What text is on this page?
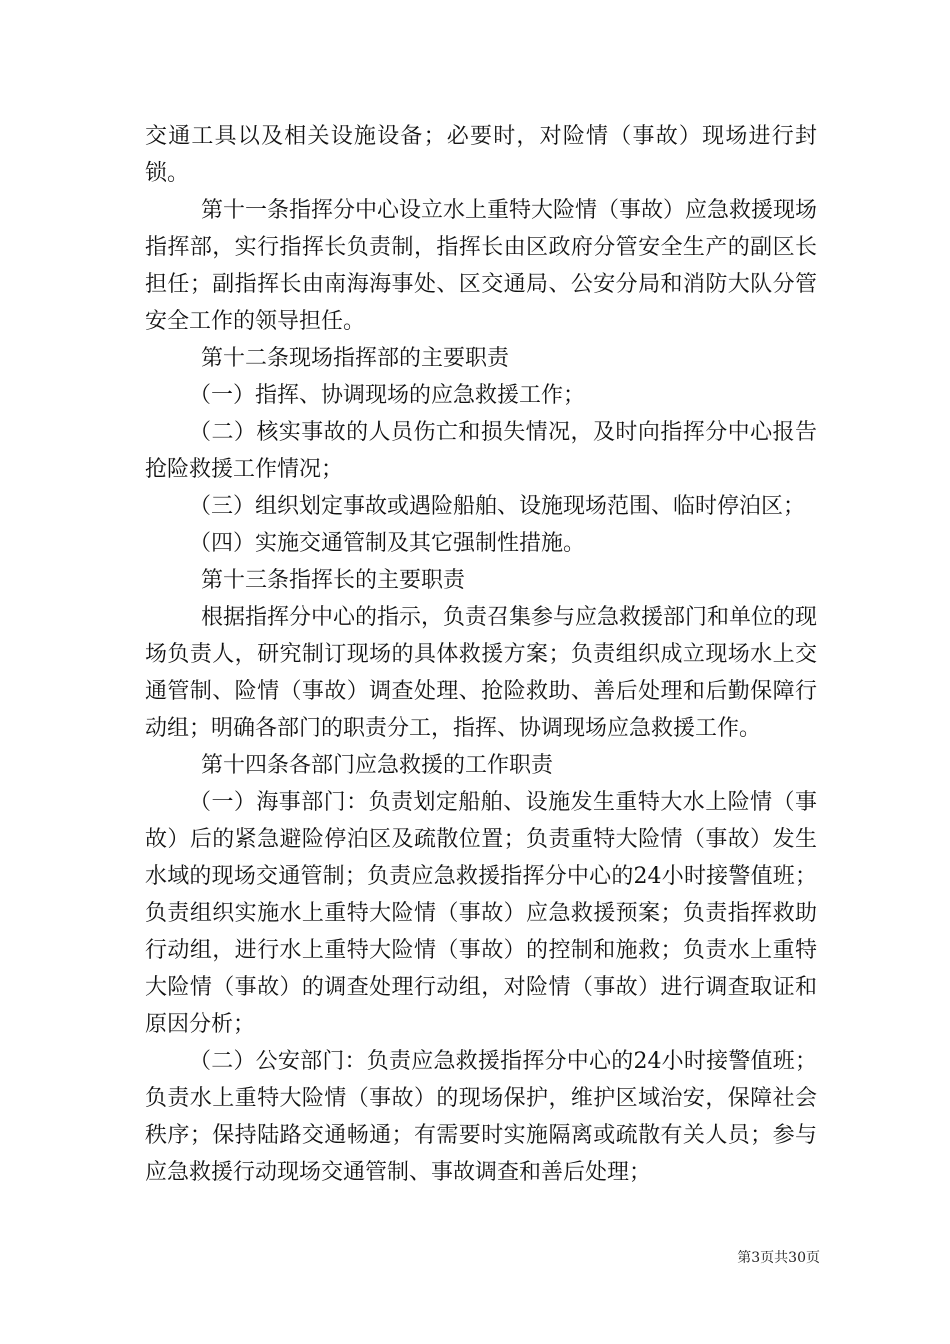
交通工具以及相关设施设备；必要时，对险情（事故）现场进行封锁。

第十一条指挥分中心设立水上重特大险情（事故）应急救援现场指挥部，实行指挥长负责制，指挥长由区政府分管安全生产的副区长担任；副指挥长由南海海事处、区交通局、公安分局和消防大队分管安全工作的领导担任。

第十二条现场指挥部的主要职责

（一）指挥、协调现场的应急救援工作；

（二）核实事故的人员伤亡和损失情况，及时向指挥分中心报告抢险救援工作情况；

（三）组织划定事故或遇险船舶、设施现场范围、临时停泊区；

（四）实施交通管制及其它强制性措施。

第十三条指挥长的主要职责

根据指挥分中心的指示，负责召集参与应急救援部门和单位的现场负责人，研究制订现场的具体救援方案；负责组织成立现场水上交通管制、险情（事故）调查处理、抢险救助、善后处理和后勤保障行动组；明确各部门的职责分工，指挥、协调现场应急救援工作。

第十四条各部门应急救援的工作职责

（一）海事部门：负责划定船舶、设施发生重特大水上险情（事故）后的紧急避险停泊区及疏散位置；负责重特大险情（事故）发生水域的现场交通管制；负责应急救援指挥分中心的24小时接警值班；负责组织实施水上重特大险情（事故）应急救援预案；负责指挥救助行动组，进行水上重特大险情（事故）的控制和施救；负责水上重特大险情（事故）的调查处理行动组，对险情（事故）进行调查取证和原因分析；

（二）公安部门：负责应急救援指挥分中心的24小时接警值班；负责水上重特大险情（事故）的现场保护，维护区域治安，保障社会秩序；保持陆路交通畅通；有需要时实施隔离或疏散有关人员；参与应急救援行动现场交通管制、事故调查和善后处理；

第3页共30页
